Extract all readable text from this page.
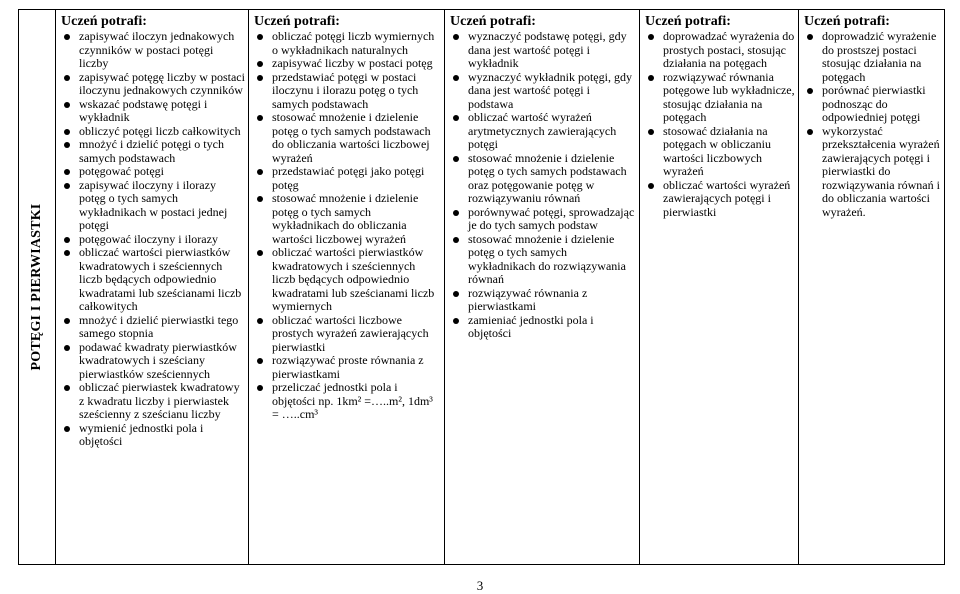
POTĘGI I PIERWIASTKI

Uczeń potrafi:
zapisywać iloczyn jednakowych czynników w postaci potęgi liczby
zapisywać potęgę liczby w postaci iloczynu jednakowych czynników
wskazać podstawę potęgi i wykładnik
obliczyć potęgi liczb całkowitych
mnożyć i dzielić potęgi o tych samych podstawach
potęgować potęgi
zapisywać iloczyny i ilorazy potęg o tych samych wykładnikach w postaci jednej potęgi
potęgować iloczyny i ilorazy
obliczać wartości pierwiastków kwadratowych i sześciennych liczb będących odpowiednio kwadratami lub sześcianami liczb całkowitych
mnożyć i dzielić pierwiastki tego samego stopnia
podawać kwadraty pierwiastków kwadratowych i sześciany pierwiastków sześciennych
obliczać pierwiastek kwadratowy z kwadratu liczby i pierwiastek sześcienny z sześcianu liczby
wymienić jednostki pola i objętości

Uczeń potrafi:
obliczać potęgi liczb wymiernych o wykładnikach naturalnych
zapisywać liczby w postaci potęg
przedstawiać potęgi w postaci iloczynu i ilorazu potęg o tych samych podstawach
stosować mnożenie i dzielenie potęg o tych samych podstawach do obliczania wartości liczbowej wyrażeń
przedstawiać potęgi jako potęgi potęg
stosować mnożenie i dzielenie potęg o tych samych wykładnikach do obliczania wartości liczbowej wyrażeń
obliczać wartości pierwiastków kwadratowych i sześciennych liczb będących odpowiednio kwadratami lub sześcianami liczb wymiernych
obliczać wartości liczbowe prostych wyrażeń zawierających pierwiastki
rozwiązywać proste równania z pierwiastkami
przeliczać jednostki pola i objętości np. 1km² =…..m², 1dm³ = …..cm³

Uczeń potrafi:
wyznaczyć podstawę potęgi, gdy dana jest wartość potęgi i wykładnik
wyznaczyć wykładnik potęgi, gdy dana jest wartość potęgi i podstawa
obliczać wartość wyrażeń arytmetycznych zawierających potęgi
stosować mnożenie i dzielenie potęg o tych samych podstawach oraz potęgowanie potęg w rozwiązywaniu równań
porównywać potęgi, sprowadzając je do tych samych podstaw
stosować mnożenie i dzielenie potęg o tych samych wykładnikach do rozwiązywania równań
rozwiązywać równania z pierwiastkami
zamieniać jednostki pola i objętości

Uczeń potrafi:
doprowadzać wyrażenia do prostych postaci, stosując działania na potęgach
rozwiązywać równania potęgowe lub wykładnicze, stosując działania na potęgach
stosować działania na potęgach w obliczaniu wartości liczbowych wyrażeń
obliczać wartości wyrażeń zawierających potęgi i pierwiastki

Uczeń potrafi:
doprowadzić wyrażenie do prostszej postaci stosując działania na potęgach
porównać pierwiastki podnosząc do odpowiedniej potęgi
wykorzystać przekształcenia wyrażeń zawierających potęgi i pierwiastki do rozwiązywania równań i do obliczania wartości wyrażeń.
3
